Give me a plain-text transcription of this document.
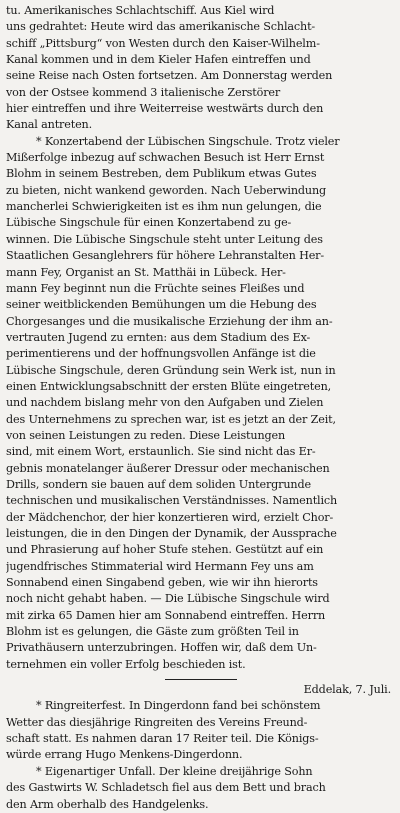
tu. Amerikanisches Schlachtschiff. Aus Kiel wird
uns gedrahtet: Heute wird das amerikanische Schlacht-
schiff „Pittsburg“ von Westen durch den Kaiser-Wilhelm-
Kanal kommen und in dem Kieler Hafen eintreffen und
seine Reise nach Osten fortsetzen. Am Donnerstag werden
von der Ostsee kommend 3 italienische Zerstörer
hier eintreffen und ihre Weiterreise westwärts durch den
Kanal antreten.
* Konzertabend der Lübischen Singschule. Trotz vieler
Mißerfolge inbezug auf schwachen Besuch ist Herr Ernst
Blohm in seinem Bestreben, dem Publikum etwas Gutes
zu bieten, nicht wankend geworden. Nach Ueberwindung
mancherlei Schwierigkeiten ist es ihm nun gelungen, die
Lübische Singschule für einen Konzertabend zu ge-
winnen. Die Lübische Singschule steht unter Leitung des
Staatlichen Gesanglehrers für höhere Lehranstalten Her-
mann Fey, Organist an St. Matthäi in Lübeck. Her-
mann Fey beginnt nun die Früchte seines Fleißes und
seiner weitblickenden Bemühungen um die Hebung des
Chorgesanges und die musikalische Erziehung der ihm an-
vertrauten Jugend zu ernten: aus dem Stadium des Ex-
perimentierens und der hoffnungsvollen Anfänge ist die
Lübische Singschule, deren Gründung sein Werk ist, nun in
einen Entwicklungsabschnitt der ersten Blüte eingetreten,
und nachdem bislang mehr von den Aufgaben und Zielen
des Unternehmens zu sprechen war, ist es jetzt an der Zeit,
von seinen Leistungen zu reden. Diese Leistungen
sind, mit einem Wort, erstaunlich. Sie sind nicht das Er-
gebnis monatelanger äußerer Dressur oder mechanischen
Drills, sondern sie bauen auf dem soliden Untergrunde
technischen und musikalischen Verständnisses. Namentlich
der Mädchenchor, der hier konzertieren wird, erzielt Chor-
leistungen, die in den Dingen der Dynamik, der Aussprache
und Phrasierung auf hoher Stufe stehen. Gestützt auf ein
jugendfrisches Stimmaterial wird Hermann Fey uns am
Sonnabend einen Singabend geben, wie wir ihn hierorts
noch nicht gehabt haben. — Die Lübische Singschule wird
mit zirka 65 Damen hier am Sonnabend eintreffen. Herrn
Blohm ist es gelungen, die Gäste zum größten Teil in
Privathäusern unterzubringen. Hoffen wir, daß dem Un-
ternehmen ein voller Erfolg beschieden ist.
Eddelak, 7. Juli.
* Ringreiterfest. In Dingerdonn fand bei schönstem
Wetter das diesjährige Ringreiten des Vereins Freund-
schaft statt. Es nahmen daran 17 Reiter teil. Die Königs-
würde errang Hugo Menkens-Dingerdonn.
* Eigenartiger Unfall. Der kleine dreijährige Sohn
des Gastwirts W. Schladetsch fiel aus dem Bett und brach
den Arm oberhalb des Handgelenks.
